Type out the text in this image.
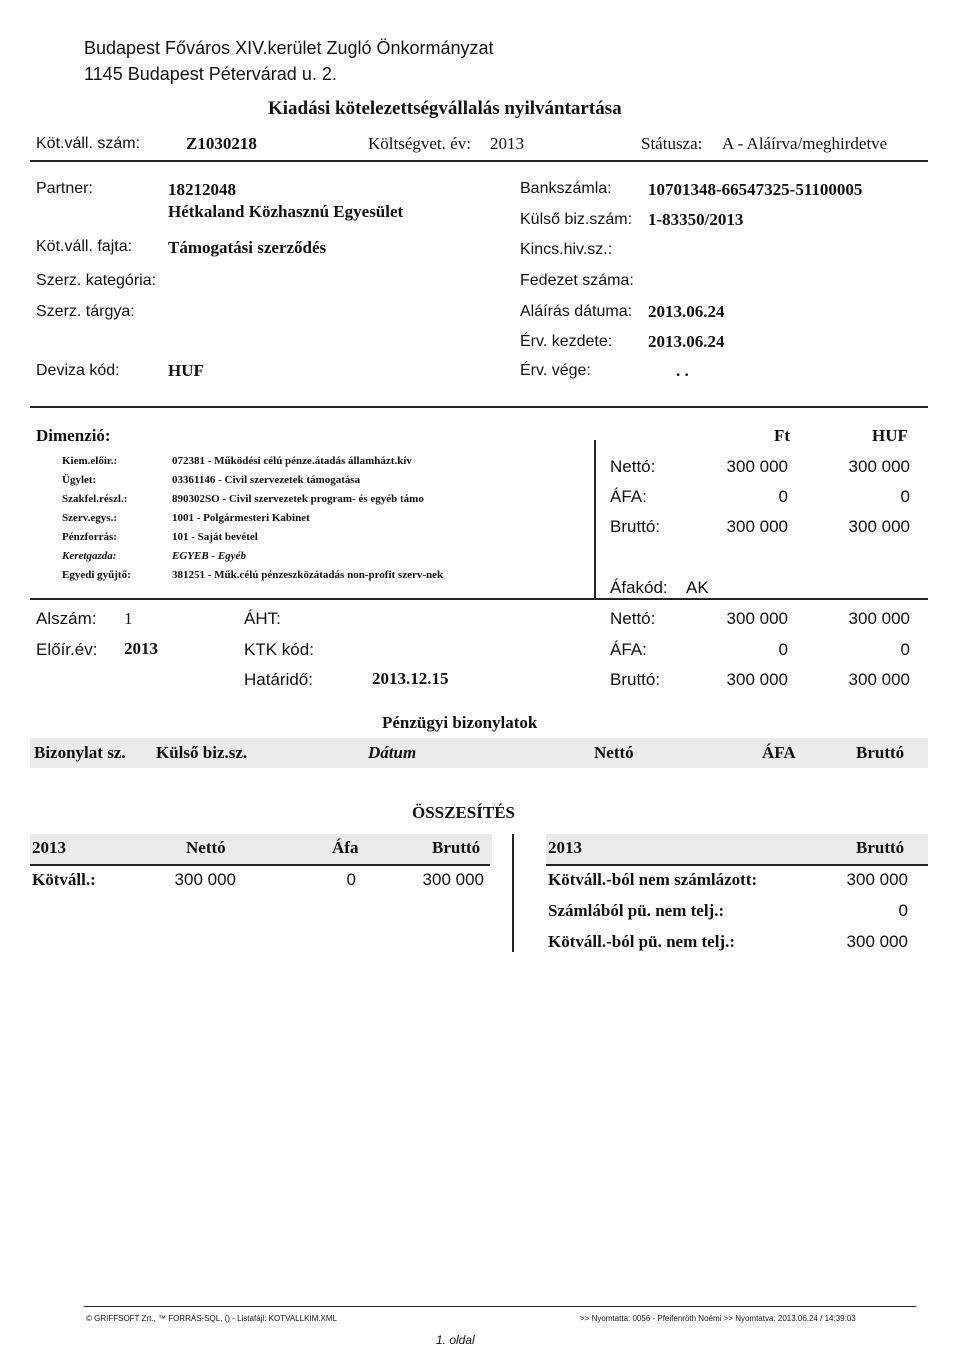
Budapest Főváros XIV.kerület Zugló Önkormányzat
1145 Budapest Pétervárad u. 2.
Kiadási kötelezettségvállalás nyilvántartása
Köt.váll. szám:	Z1030218	Költségvet. év: 2013	Státusza: A - Aláírva/meghirdetve
Partner:	18212048
Hétkaland Közhasznú Egyesület
Köt.váll. fajta: Támogatási szerződés
Szerz. kategória:
Szerz. tárgya:
Deviza kód:	HUF
Bankszámla: 10701348-66547325-51100005
Külső biz.szám: 1-83350/2013
Kincs.hiv.sz.:
Fedezet száma:
Aláírás dátuma: 2013.06.24
Érv. kezdete: 2013.06.24
Érv. vége:	. .
Dimenzió:	Ft	HUF
Kiem.előir.:	072381 - Működési célú pénze.átadás államházt.kív
Ügylet:	03361146 - Civil szervezetek támogatása
Szakfel.részl.:	890302SO - Civil szervezetek program- és egyéb támo
Szerv.egys.:	1001 - Polgármesteri Kabinet
Pénzforrás:	101 - Saját bevétel
Keretgazda:	EGYEB - Egyéb
Egyedi gyűjtő:	381251 - Műk.célú pénzeszközátadás non-profit szerv-nek
Nettó:	300 000	300 000
ÁFA:	0	0
Bruttó:	300 000	300 000
Áfakód: AK
Alszám: 1
Előír.év: 2013
ÁHT:
KTK kód:
Határidő:	2013.12.15
Nettó:	300 000	300 000
ÁFA:	0	0
Bruttó:	300 000	300 000
Pénzügyi bizonylatok
Bizonylat sz. Külső biz.sz.	Dátum	Nettó	ÁFA	Bruttó
ÖSSZESÍTÉS
2013	Nettó	Áfa	Bruttó
Kötváll.:	300 000	0	300 000
2013	Bruttó
Kötváll.-ból nem számlázott:	300 000
Számlából pü. nem telj.:	0
Kötváll.-ból pü. nem telj.:	300 000
© GRIFFSOFT Zrt., ™ FORRÁS-SQL, () - Listafájl: KOTVALLKIM.XML	>> Nyomtatta: 0056 - Pfeifenröth Noémi >> Nyomtatva: 2013.06.24 / 14:39:03
1. oldal
